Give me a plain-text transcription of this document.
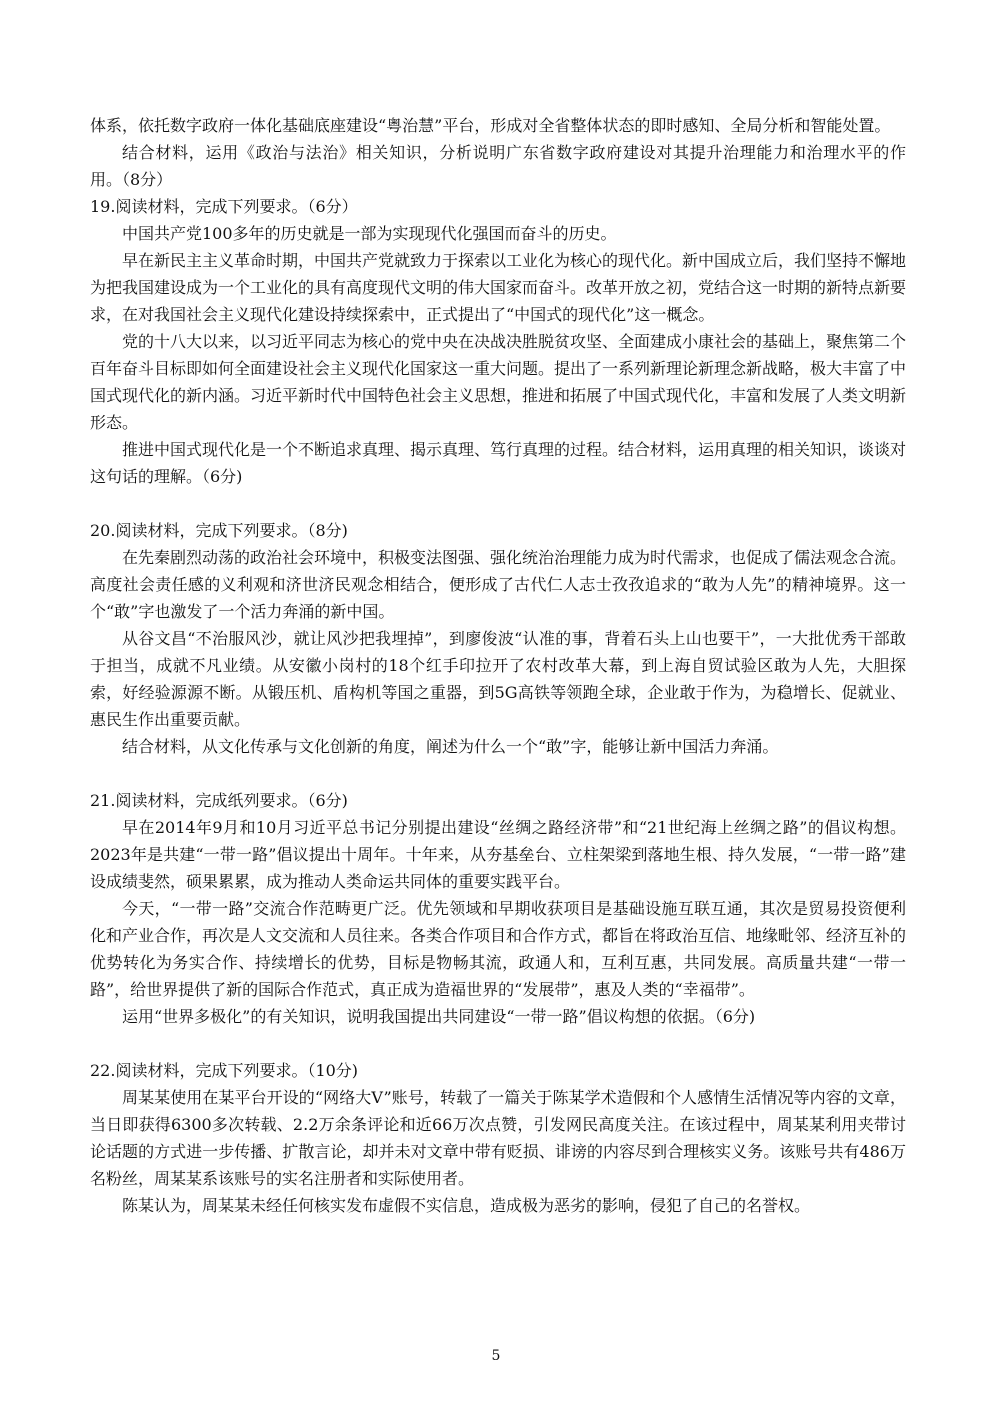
体系，依托数字政府一体化基础底座建设“粤治慧”平台，形成对全省整体状态的即时感知、全局分析和智能处置。

结合材料，运用《政治与法治》相关知识，分析说明广东省数字政府建设对其提升治理能力和治理水平的作用。（8分）

19.阅读材料，完成下列要求。（6分）

中国共产党100多年的历史就是一部为实现现代化强国而奋斗的历史。

早在新民主主义革命时期，中国共产党就致力于探索以工业化为核心的现代化。新中国成立后，我们坚持不懈地为把我国建设成为一个工业化的具有高度现代文明的伟大国家而奋斗。改革开放之初，党结合这一时期的新特点新要求，在对我国社会主义现代化建设持续探索中，正式提出了“中国式的现代化”这一概念。

党的十八大以来，以习近平同志为核心的党中央在决战决胜脱贫攻坚、全面建成小康社会的基础上，聚焦第二个百年奋斗目标即如何全面建设社会主义现代化国家这一重大问题。提出了一系列新理论新理念新战略，极大丰富了中国式现代化的新内涵。习近平新时代中国特色社会主义思想，推进和拓展了中国式现代化，丰富和发展了人类文明新形态。

推进中国式现代化是一个不断追求真理、揭示真理、笃行真理的过程。结合材料，运用真理的相关知识，谈谈对这句话的理解。（6分)

20.阅读材料，完成下列要求。（8分)

在先秦剧烈动荡的政治社会环境中，积极变法图强、强化统治治理能力成为时代需求，也促成了儒法观念合流。高度社会责任感的义利观和济世济民观念相结合，便形成了古代仁人志士孜孜追求的“敢为人先”的精神境界。这一个“敢”字也激发了一个活力奔涌的新中国。

从谷文昌“不治服风沙，就让风沙把我埋掉”，到廖俊波“认准的事，背着石头上山也要干”，一大批优秀干部敢于担当，成就不凡业绩。从安徽小岗村的18个红手印拉开了农村改革大幕，到上海自贸试验区敢为人先，大胆探索，好经验源源不断。从锻压机、盾构机等国之重器，到5G高铁等领跑全球，企业敢于作为，为稳增长、促就业、惠民生作出重要贡献。

结合材料，从文化传承与文化创新的角度，阐述为什么一个“敢”字，能够让新中国活力奔涌。

21.阅读材料，完成纸列要求。（6分)

早在2014年9月和10月习近平总书记分别提出建设“丝绸之路经济带”和“21世纪海上丝绸之路”的倡议构想。2023年是共建“一带一路”倡议提出十周年。十年来，从夯基垒台、立柱架梁到落地生根、持久发展，“一带一路”建设成绩斐然，硕果累累，成为推动人类命运共同体的重要实践平台。

今天，“一带一路”交流合作范畴更广泛。优先领域和早期收获项目是基础设施互联互通，其次是贸易投资便利化和产业合作，再次是人文交流和人员往来。各类合作项目和合作方式，都旨在将政治互信、地缘毗邻、经济互补的优势转化为务实合作、持续增长的优势，目标是物畅其流，政通人和，互利互惠，共同发展。高质量共建“一带一路”，给世界提供了新的国际合作范式，真正成为造福世界的“发展带”，惠及人类的“幸福带”。

运用“世界多极化”的有关知识，说明我国提出共同建设“一带一路”倡议构想的依据。（6分)

22.阅读材料，完成下列要求。（10分)

周某某使用在某平台开设的“网络大V”账号，转载了一篇关于陈某学术造假和个人感情生活情况等内容的文章，当日即获得6300多次转载、2.2万余条评论和近66万次点赞，引发网民高度关注。在该过程中，周某某利用夹带讨论话题的方式进一步传播、扩散言论，却并未对文章中带有贬损、诽谤的内容尽到合理核实义务。该账号共有486万名粉丝，周某某系该账号的实名注册者和实际使用者。

陈某认为，周某某未经任何核实发布虚假不实信息，造成极为恶劣的影响，侵犯了自己的名誉权。

5
